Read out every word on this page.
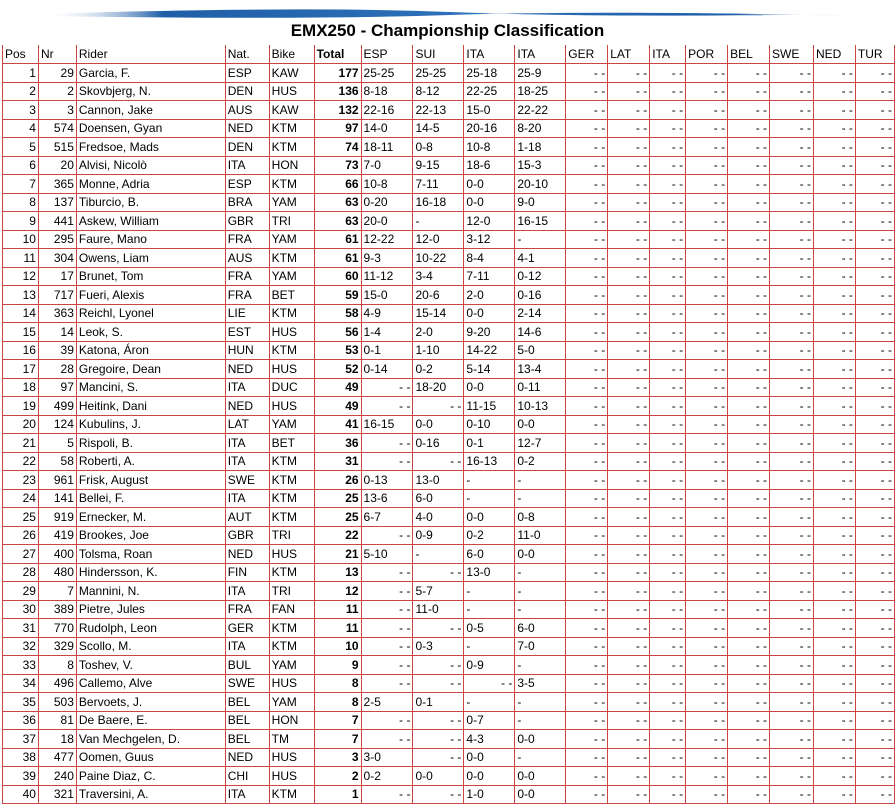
EMX250 - Championship Classification
Pos	Nr	Rider	Nat.	Bike	Total	ESP	SUI	ITA	ITA	GER	LAT	ITA	POR	BEL	SWE	NED	TUR
1	29	Garcia, F.	ESP	KAW	177	25-25	25-25	25-18	25-9	- -	- -	- -	- -	- -	- -	- -	- -
2	2	Skovbjerg, N.	DEN	HUS	136	8-18	8-12	22-25	18-25	- -	- -	- -	- -	- -	- -	- -	- -
3	3	Cannon, Jake	AUS	KAW	132	22-16	22-13	15-0	22-22	- -	- -	- -	- -	- -	- -	- -	- -
4	574	Doensen, Gyan	NED	KTM	97	14-0	14-5	20-16	8-20	- -	- -	- -	- -	- -	- -	- -	- -
5	515	Fredsoe, Mads	DEN	KTM	74	18-11	0-8	10-8	1-18	- -	- -	- -	- -	- -	- -	- -	- -
6	20	Alvisi, Nicolò	ITA	HON	73	7-0	9-15	18-6	15-3	- -	- -	- -	- -	- -	- -	- -	- -
7	365	Monne, Adria	ESP	KTM	66	10-8	7-11	0-0	20-10	- -	- -	- -	- -	- -	- -	- -	- -
8	137	Tiburcio, B.	BRA	YAM	63	0-20	16-18	0-0	9-0	- -	- -	- -	- -	- -	- -	- -	- -
9	441	Askew, William	GBR	TRI	63	20-0	-	12-0	16-15	- -	- -	- -	- -	- -	- -	- -	- -
10	295	Faure, Mano	FRA	YAM	61	12-22	12-0	3-12	-	- -	- -	- -	- -	- -	- -	- -	- -
11	304	Owens, Liam	AUS	KTM	61	9-3	10-22	8-4	4-1	- -	- -	- -	- -	- -	- -	- -	- -
12	17	Brunet, Tom	FRA	YAM	60	11-12	3-4	7-11	0-12	- -	- -	- -	- -	- -	- -	- -	- -
13	717	Fueri, Alexis	FRA	BET	59	15-0	20-6	2-0	0-16	- -	- -	- -	- -	- -	- -	- -	- -
14	363	Reichl, Lyonel	LIE	KTM	58	4-9	15-14	0-0	2-14	- -	- -	- -	- -	- -	- -	- -	- -
15	14	Leok, S.	EST	HUS	56	1-4	2-0	9-20	14-6	- -	- -	- -	- -	- -	- -	- -	- -
16	39	Katona, Áron	HUN	KTM	53	0-1	1-10	14-22	5-0	- -	- -	- -	- -	- -	- -	- -	- -
17	28	Gregoire, Dean	NED	HUS	52	0-14	0-2	5-14	13-4	- -	- -	- -	- -	- -	- -	- -	- -
18	97	Mancini, S.	ITA	DUC	49	- -	18-20	0-0	0-11	- -	- -	- -	- -	- -	- -	- -	- -
19	499	Heitink, Dani	NED	HUS	49	- -	- -	11-15	10-13	- -	- -	- -	- -	- -	- -	- -	- -
20	124	Kubulins, J.	LAT	YAM	41	16-15	0-0	0-10	0-0	- -	- -	- -	- -	- -	- -	- -	- -
21	5	Rispoli, B.	ITA	BET	36	- -	0-16	0-1	12-7	- -	- -	- -	- -	- -	- -	- -	- -
22	58	Roberti, A.	ITA	KTM	31	- -	- -	16-13	0-2	- -	- -	- -	- -	- -	- -	- -	- -
23	961	Frisk, August	SWE	KTM	26	0-13	13-0	-	-	- -	- -	- -	- -	- -	- -	- -	- -
24	141	Bellei, F.	ITA	KTM	25	13-6	6-0	-	-	- -	- -	- -	- -	- -	- -	- -	- -
25	919	Ernecker, M.	AUT	KTM	25	6-7	4-0	0-0	0-8	- -	- -	- -	- -	- -	- -	- -	- -
26	419	Brookes, Joe	GBR	TRI	22	- -	0-9	0-2	11-0	- -	- -	- -	- -	- -	- -	- -	- -
27	400	Tolsma, Roan	NED	HUS	21	5-10	-	6-0	0-0	- -	- -	- -	- -	- -	- -	- -	- -
28	480	Hindersson, K.	FIN	KTM	13	- -	- -	13-0	-	- -	- -	- -	- -	- -	- -	- -	- -
29	7	Mannini, N.	ITA	TRI	12	- -	5-7	-	-	- -	- -	- -	- -	- -	- -	- -	- -
30	389	Pietre, Jules	FRA	FAN	11	- -	11-0	-	-	- -	- -	- -	- -	- -	- -	- -	- -
31	770	Rudolph, Leon	GER	KTM	11	- -	- -	0-5	6-0	- -	- -	- -	- -	- -	- -	- -	- -
32	329	Scollo, M.	ITA	KTM	10	- -	0-3	-	7-0	- -	- -	- -	- -	- -	- -	- -	- -
33	8	Toshev, V.	BUL	YAM	9	- -	- -	0-9	-	- -	- -	- -	- -	- -	- -	- -	- -
34	496	Callemo, Alve	SWE	HUS	8	- -	- -	- -	3-5	- -	- -	- -	- -	- -	- -	- -	- -
35	503	Bervoets, J.	BEL	YAM	8	2-5	0-1	-	-	- -	- -	- -	- -	- -	- -	- -	- -
36	81	De Baere, E.	BEL	HON	7	- -	- -	0-7	-	- -	- -	- -	- -	- -	- -	- -	- -
37	18	Van Mechgelen, D.	BEL	TM	7	- -	- -	4-3	0-0	- -	- -	- -	- -	- -	- -	- -	- -
38	477	Oomen, Guus	NED	HUS	3	3-0	- -	0-0	-	- -	- -	- -	- -	- -	- -	- -	- -
39	240	Paine Diaz, C.	CHI	HUS	2	0-2	0-0	0-0	0-0	- -	- -	- -	- -	- -	- -	- -	- -
40	321	Traversini, A.	ITA	KTM	1	- -	- -	1-0	0-0	- -	- -	- -	- -	- -	- -	- -	- -
